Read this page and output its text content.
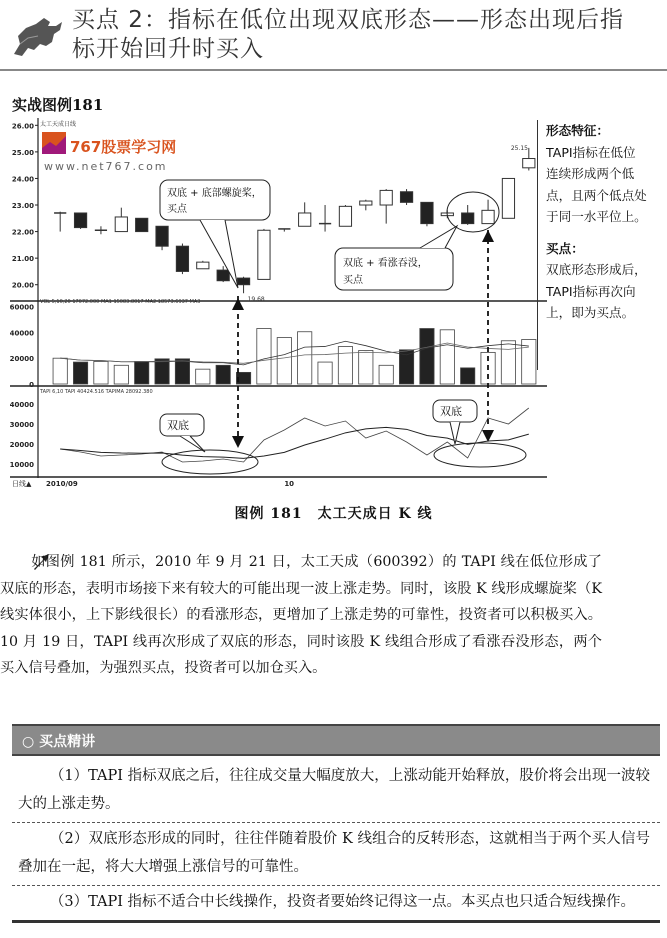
买点 2：指标在低位出现双底形态——形态出现后指
标开始回升时买入
实战图例181
26.00
25.00
24.00
23.00
22.00
21.00
20.00
太工天成日线
19.68
25.15
767股票学习网
www.net767.com
双底 + 底部螺旋桨，
买点
双底 + 看涨吞没，
买点
VOL 5,10,20 17072.000 MA1 15083.8017 MA2 18573.6937 MA3
60000
40000
20000
0
TAPI 6,10 TAPI 40424.516 TAPIMA 28092.380
40000
30000
20000
10000
双底
双底
日线▲ 2010/09	10

形态特征：

TAPI指标在低位

连续形成两个低

点，且两个低点处

于同一水平位上。

买点：

双底形态形成后，

TAPI指标再次向

上，即为买点。

图例 181　太工天成日 K 线
如图例 181 所示，2010 年 9 月 21 日，太工天成（600392）的 TAPI 线在低位形成了双底的形态，表明市场接下来有较大的可能出现一波上涨走势。同时，该股 K 线形成螺旋桨（K 线实体很小，上下影线很长）的看涨形态，更增加了上涨走势的可靠性，投资者可以积极买入。10 月 19 日，TAPI 线再次形成了双底的形态，同时该股 K 线组合形成了看涨吞没形态，两个买入信号叠加，为强烈买点，投资者可以加仓买入。
○ 买点精讲
（1）TAPI 指标双底之后，往往成交量大幅度放大，上涨动能开始释放，股价将会出现一波较大的上涨走势。
（2）双底形态形成的同时，往往伴随着股价 K 线组合的反转形态，这就相当于两个买人信号叠加在一起，将大大增强上涨信号的可靠性。
（3）TAPI 指标不适合中长线操作，投资者要始终记得这一点。本买点也只适合短线操作。
